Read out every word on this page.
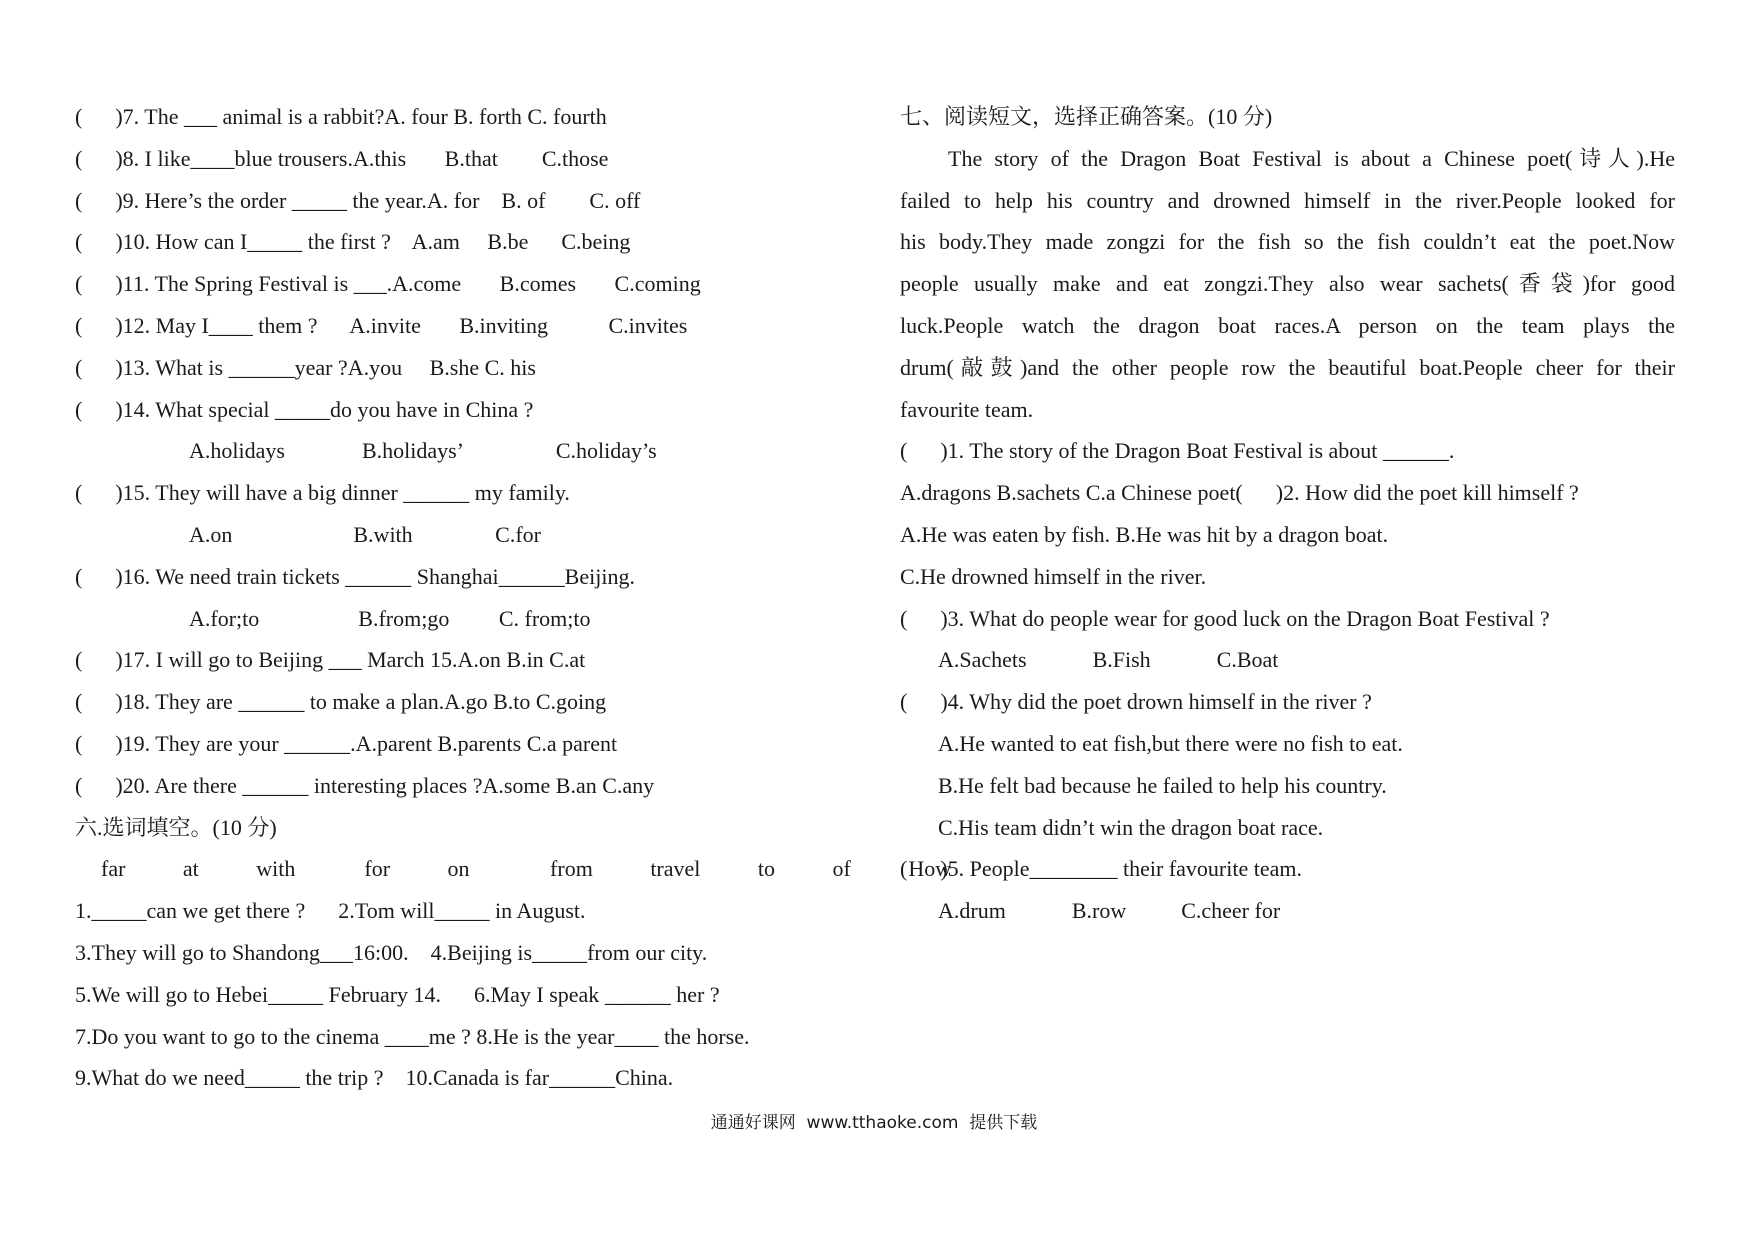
(      )7. The ___ animal is a rabbit?A. four B. forth C. fourth
(      )8. I like____blue trousers.A.this       B.that        C.those
(      )9. Here’s the order _____ the year.A. for    B. of        C. off
(      )10. How can I_____ the first ?    A.am     B.be      C.being
(      )11. The Spring Festival is ___.A.come       B.comes       C.coming
(      )12. May I____ them ?      A.invite       B.inviting           C.invites
(      )13. What is ______year ?A.you     B.she C. his
(      )14. What special _____do you have in China ?
A.holidays              B.holidays’                 C.holiday’s
(      )15. They will have a big dinner ______ my family.
A.on                      B.with               C.for
(      )16. We need train tickets ______ Shanghai______Beijing.
A.for;to                  B.from;go         C. from;to
(      )17. I will go to Beijing ___ March 15.A.on B.in C.at
(      )18. They are ______ to make a plan.A.go B.to C.going
(      )19. They are your ______.A.parent B.parents C.a parent
(      )20. Are there ______ interesting places ?A.some B.an C.any
六.选词填空。(10 分)
far     at     with      for     on       from     travel     to     of     How
1._____can we get there ?      2.Tom will_____ in August.
3.They will go to Shandong___16:00.    4.Beijing is_____from our city.
5.We will go to Hebei_____ February 14.      6.May I speak ______ her ?
7.Do you want to go to the cinema ____me ? 8.He is the year____ the horse.
9.What do we need_____ the trip ?    10.Canada is far______China.
七、阅读短文，选择正确答案。(10 分)
The story of the Dragon Boat Festival is about a Chinese poet(诗人).He
failed to help his country and drowned himself in the river.People looked for
his body.They made zongzi for the fish so the fish couldn’t eat the poet.Now
people usually make and eat zongzi.They also wear sachets(香袋)for good
luck.People watch the dragon boat races.A person on the team plays the
drum(敲鼓)and the other people row the beautiful boat.People cheer for their
favourite team.
(      )1. The story of the Dragon Boat Festival is about ______.
A.dragons B.sachets C.a Chinese poet(      )2. How did the poet kill himself ?
A.He was eaten by fish. B.He was hit by a dragon boat.
C.He drowned himself in the river.
(      )3. What do people wear for good luck on the Dragon Boat Festival ?
A.Sachets            B.Fish            C.Boat
(      )4. Why did the poet drown himself in the river ?
A.He wanted to eat fish,but there were no fish to eat.
B.He felt bad because he failed to help his country.
C.His team didn’t win the dragon boat race.
(      )5. People________ their favourite team.
A.drum            B.row          C.cheer for
通通好课网  www.tthaoke.com  提供下载
